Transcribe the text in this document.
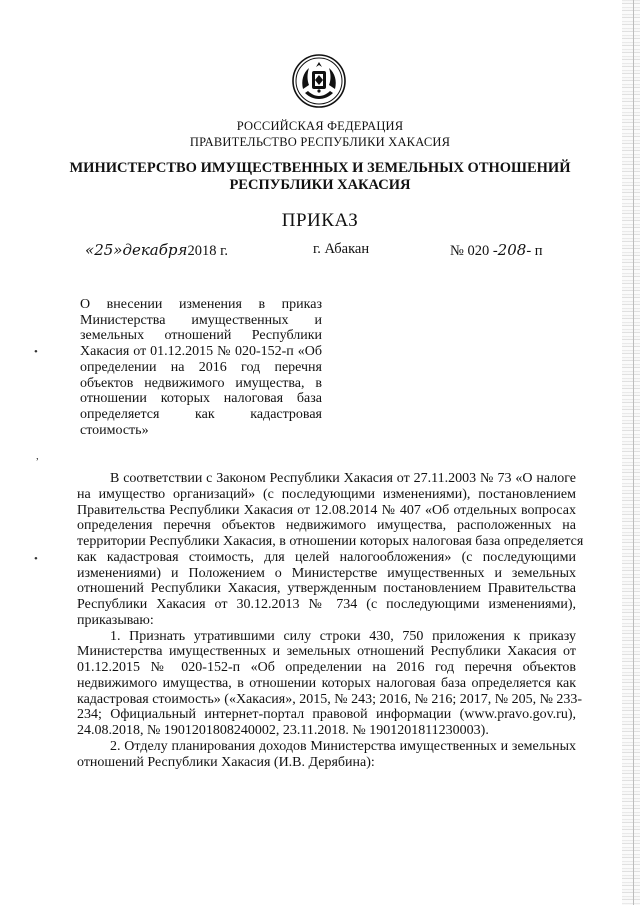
РОССИЙСКАЯ ФЕДЕРАЦИЯ
ПРАВИТЕЛЬСТВО РЕСПУБЛИКИ ХАКАСИЯ
МИНИСТЕРСТВО ИМУЩЕСТВЕННЫХ И ЗЕМЕЛЬНЫХ ОТНОШЕНИЙ
РЕСПУБЛИКИ ХАКАСИЯ
ПРИКАЗ
«25»декабря2018 г.	г. Абакан	№ 020 -208- п
О внесении изменения в приказ
Министерства имущественных и
земельных отношений Республики
Хакасия от 01.12.2015 № 020-152-п «Об
определении на 2016 год перечня
объектов недвижимого имущества, в
отношении которых налоговая база
определяется как кадастровая
стоимость»
В соответствии с Законом Республики Хакасия от 27.11.2003 № 73 «О налоге
на имущество организаций» (с последующими изменениями), постановлением
Правительства Республики Хакасия от 12.08.2014 № 407 «Об отдельных вопросах
определения перечня объектов недвижимого имущества, расположенных на
территории Республики Хакасия, в отношении которых налоговая база определяется
как кадастровая стоимость, для целей налогообложения» (с последующими
изменениями) и Положением о Министерстве имущественных и земельных
отношений Республики Хакасия, утвержденным постановлением Правительства
Республики Хакасия от 30.12.2013 № 734 (с последующими изменениями),
приказываю:
1. Признать утратившими силу строки 430, 750 приложения к приказу
Министерства имущественных и земельных отношений Республики Хакасия от
01.12.2015 № 020-152-п «Об определении на 2016 год перечня объектов
недвижимого имущества, в отношении которых налоговая база определяется как
кадастровая стоимость» («Хакасия», 2015, № 243; 2016, № 216; 2017, № 205, № 233-
234; Официальный интернет-портал правовой информации (www.pravo.gov.ru),
24.08.2018, № 1901201808240002, 23.11.2018. № 1901201811230003).
2. Отделу планирования доходов Министерства имущественных и земельных
отношений Республики Хакасия (И.В. Дерябина):
•
,
•
